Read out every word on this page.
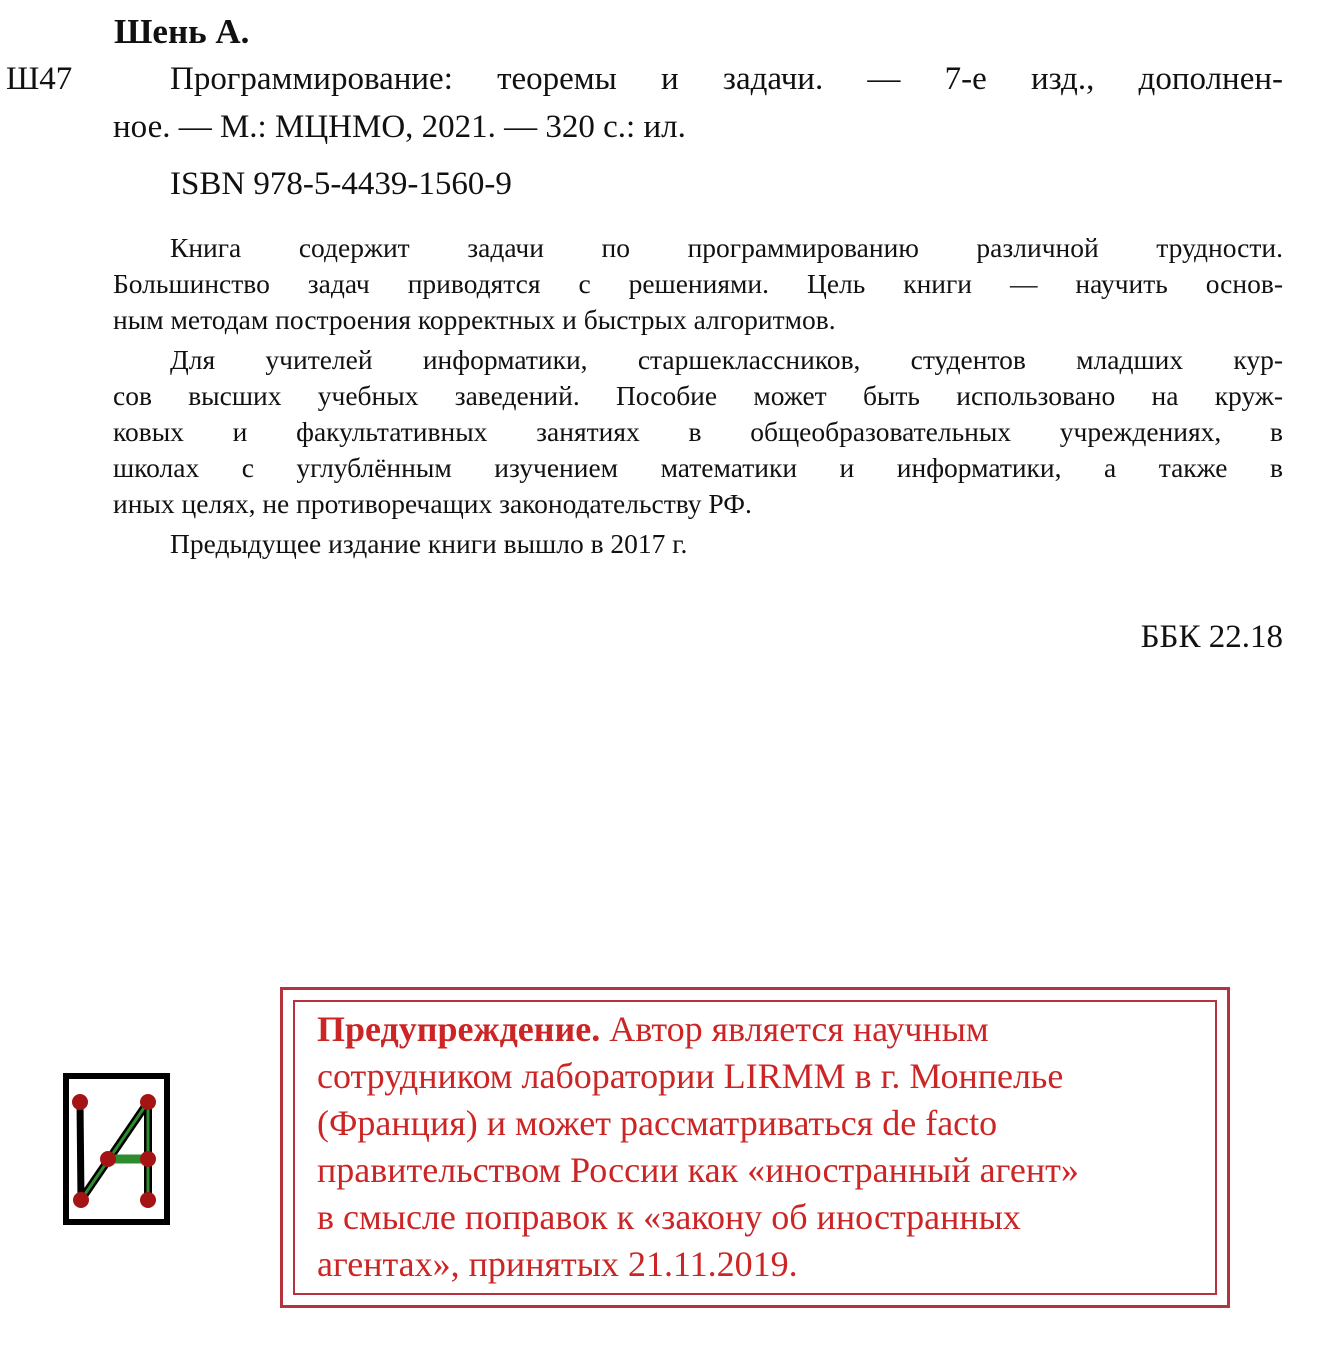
Шень А.
Ш47	Программирование: теоремы и задачи. — 7-е изд., дополнен-
ное. — М.: МЦНМО, 2021. — 320 с.: ил.
ISBN 978-5-4439-1560-9
Книга содержит задачи по программированию различной трудности.
Большинство задач приводятся с решениями. Цель книги — научить основ-
ным методам построения корректных и быстрых алгоритмов.
Для учителей информатики, старшеклассников, студентов младших кур-
сов высших учебных заведений. Пособие может быть использовано на круж-
ковых и факультативных занятиях в общеобразовательных учреждениях, в
школах с углублённым изучением математики и информатики, а также в
иных целях, не противоречащих законодательству РФ.
Предыдущее издание книги вышло в 2017 г.
ББК 22.18
Предупреждение. Автор является научным
сотрудником лаборатории LIRMM в г. Монпелье
(Франция) и может рассматриваться de facto
правительством России как «иностранный агент»
в смысле поправок к «закону об иностранных
агентах», принятых 21.11.2019.
